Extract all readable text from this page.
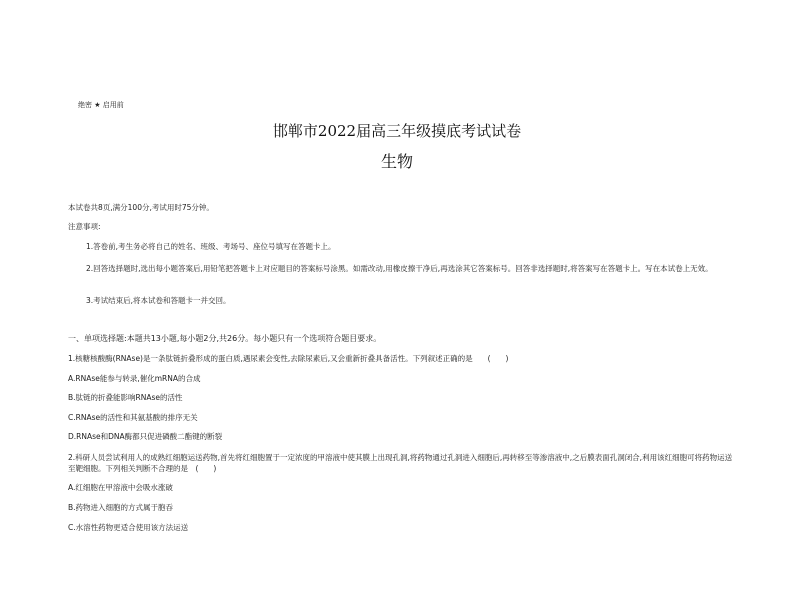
绝密 ★ 启用前
邯郸市2022届高三年级摸底考试试卷
生物
本试卷共8页,满分100分,考试用时75分钟。
注意事项:
1.答卷前,考生务必将自己的姓名、班级、考场号、座位号填写在答题卡上。
2.回答选择题时,选出每小题答案后,用铅笔把答题卡上对应题目的答案标号涂黑。如需改动,用橡皮擦干净后,再选涂其它答案标号。回答非选择题时,将答案写在答题卡上。写在本试卷上无效。
3.考试结束后,将本试卷和答题卡一并交回。
一、单项选择题:本题共13小题,每小题2分,共26分。每小题只有一个选项符合题目要求。
1.核糖核酸酶(RNAse)是一条肽链折叠形成的蛋白质,遇尿素会变性,去除尿素后,又会重新折叠具备活性。下列叙述正确的是　　(　　)
A.RNAse能参与转录,催化mRNA的合成
B.肽链的折叠能影响RNAse的活性
C.RNAse的活性和其氨基酸的排序无关
D.RNAse和DNA酶都只促进磷酸二酯键的断裂
2.科研人员尝试利用人的成熟红细胞运送药物,首先将红细胞置于一定浓度的甲溶液中使其膜上出现孔洞,将药物通过孔洞进入细胞后,再转移至等渗溶液中,之后膜表面孔洞闭合,利用该红细胞可将药物运送至靶细胞。下列相关判断不合理的是　(　　)
A.红细胞在甲溶液中会吸水涨破
B.药物进入细胞的方式属于胞吞
C.水溶性药物更适合使用该方法运送
